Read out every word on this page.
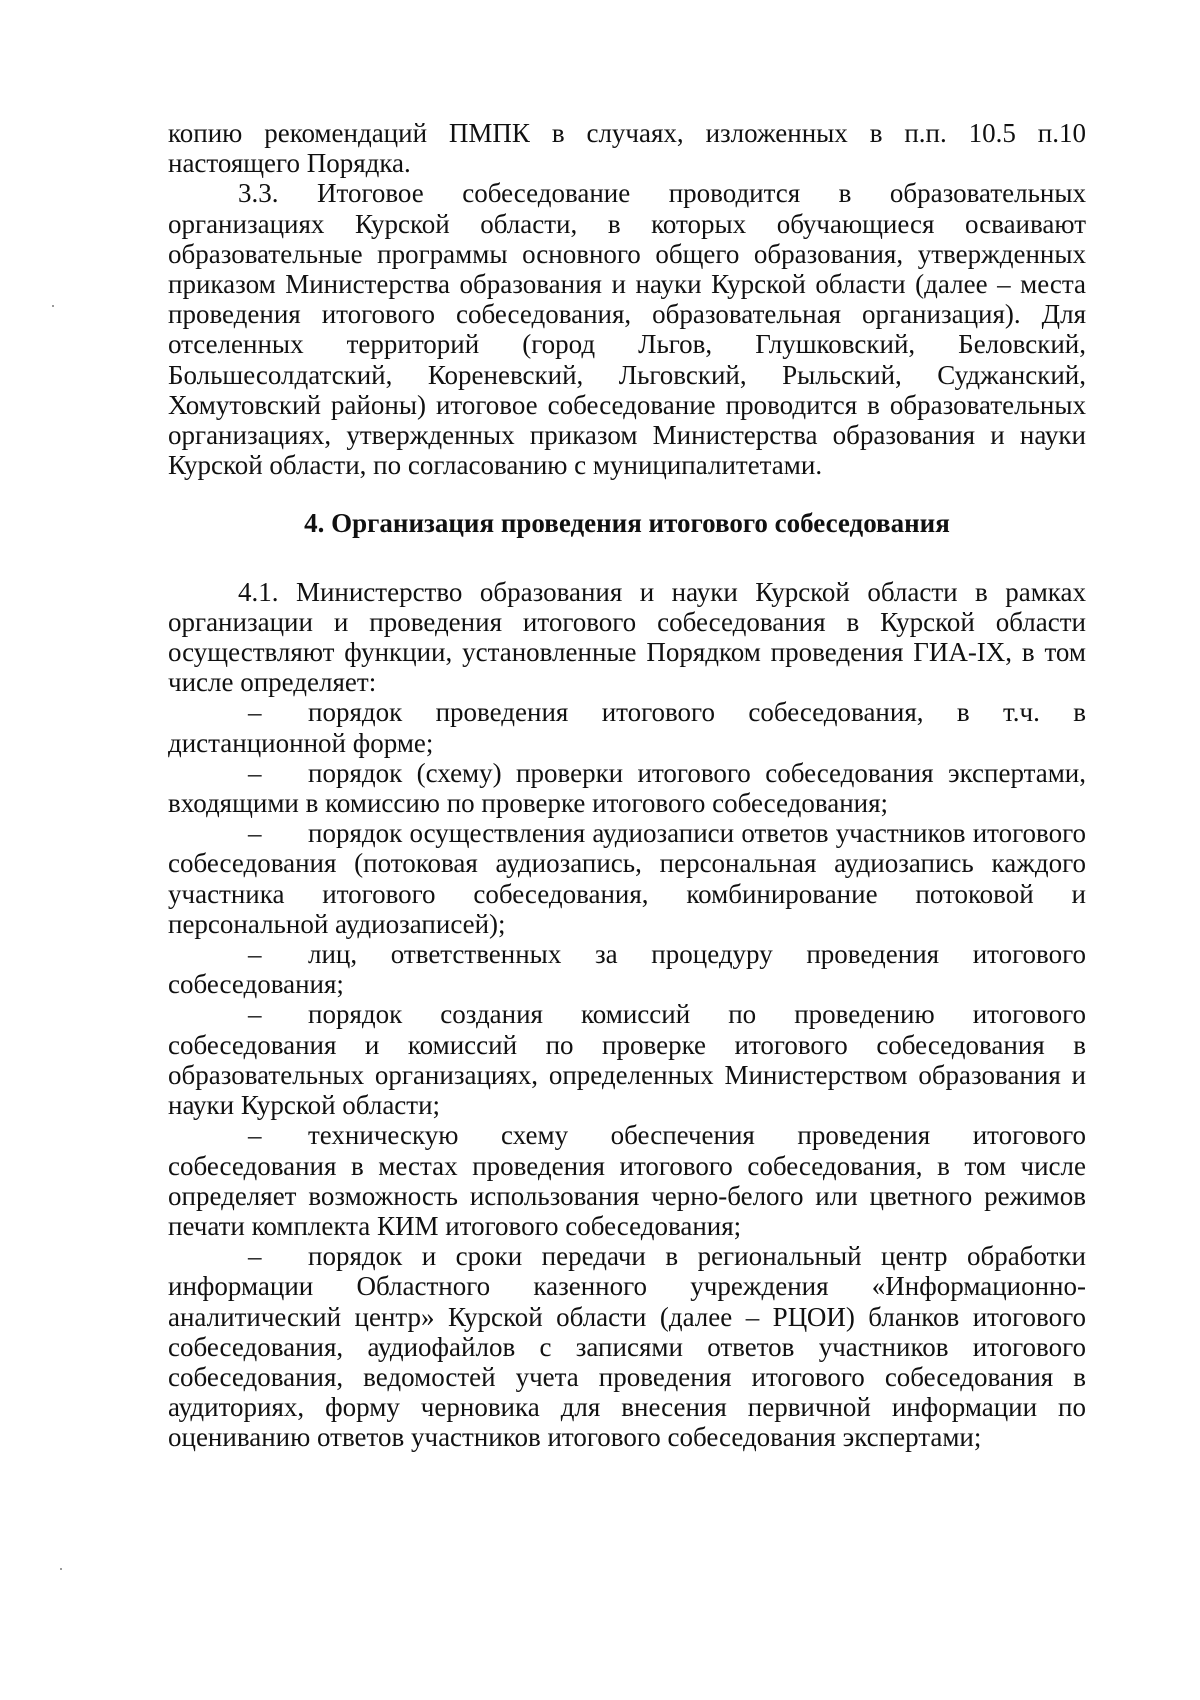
копию рекомендаций ПМПК в случаях, изложенных в п.п. 10.5 п.10 настоящего Порядка.

3.3. Итоговое собеседование проводится в образовательных организациях Курской области, в которых обучающиеся осваивают образовательные программы основного общего образования, утвержденных приказом Министерства образования и науки Курской области (далее – места проведения итогового собеседования, образовательная организация). Для отселенных территорий (город Льгов, Глушковский, Беловский, Большесолдатский, Кореневский, Льговский, Рыльский, Суджанский, Хомутовский районы) итоговое собеседование проводится в образовательных организациях, утвержденных приказом Министерства образования и науки Курской области, по согласованию с муниципалитетами.

4. Организация проведения итогового собеседования

4.1. Министерство образования и науки Курской области в рамках организации и проведения итогового собеседования в Курской области осуществляют функции, установленные Порядком проведения ГИА-IX, в том числе определяет:

– порядок проведения итогового собеседования, в т.ч. в дистанционной форме;

– порядок (схему) проверки итогового собеседования экспертами, входящими в комиссию по проверке итогового собеседования;

– порядок осуществления аудиозаписи ответов участников итогового собеседования (потоковая аудиозапись, персональная аудиозапись каждого участника итогового собеседования, комбинирование потоковой и персональной аудиозаписей);

– лиц, ответственных за процедуру проведения итогового собеседования;

– порядок создания комиссий по проведению итогового собеседования и комиссий по проверке итогового собеседования в образовательных организациях, определенных Министерством образования и науки Курской области;

– техническую схему обеспечения проведения итогового собеседования в местах проведения итогового собеседования, в том числе определяет возможность использования черно-белого или цветного режимов печати комплекта КИМ итогового собеседования;

– порядок и сроки передачи в региональный центр обработки информации Областного казенного учреждения «Информационно-аналитический центр» Курской области (далее – РЦОИ) бланков итогового собеседования, аудиофайлов с записями ответов участников итогового собеседования, ведомостей учета проведения итогового собеседования в аудиториях, форму черновика для внесения первичной информации по оцениванию ответов участников итогового собеседования экспертами;
